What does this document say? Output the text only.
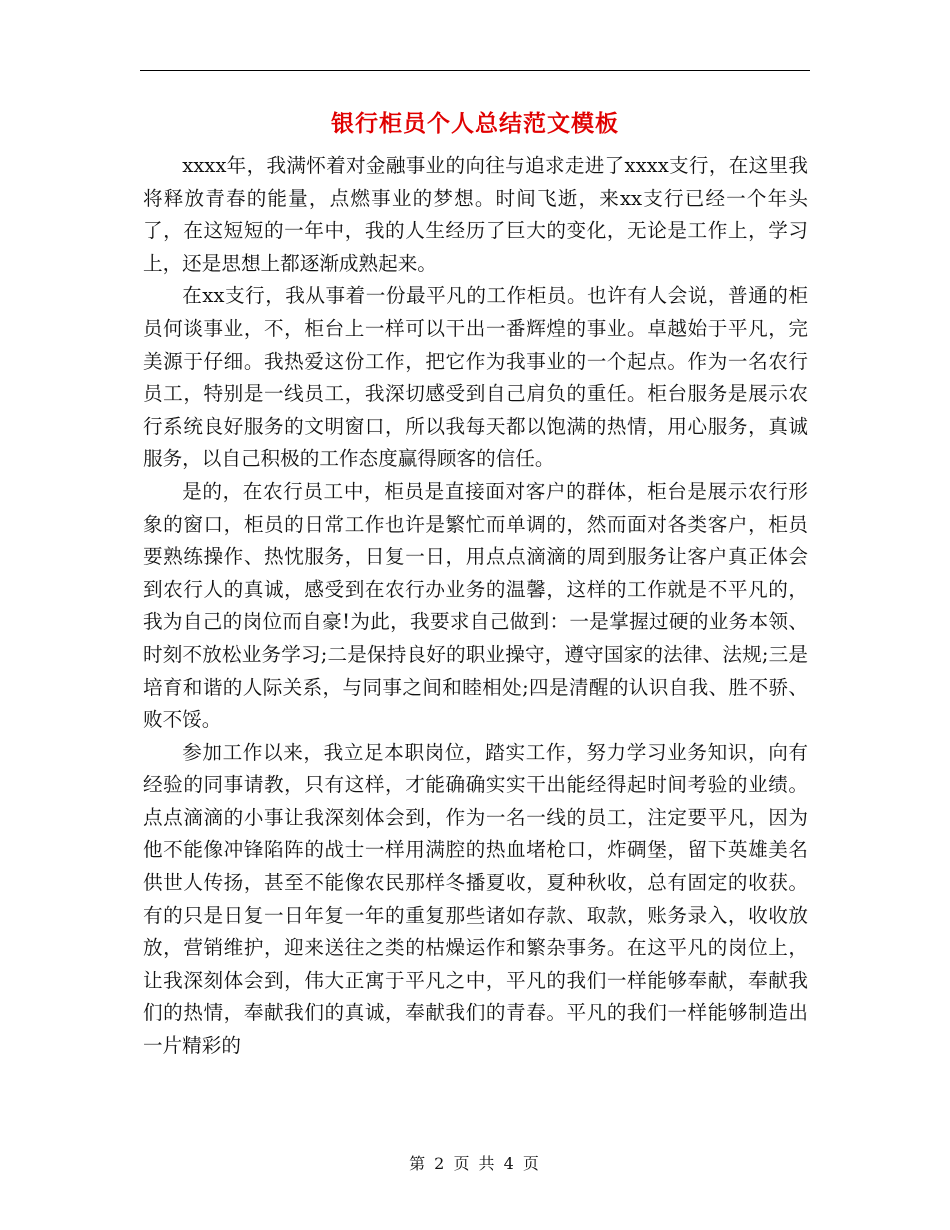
银行柜员个人总结范文模板

xxxx年，我满怀着对金融事业的向往与追求走进了xxxx支行，在这里我将释放青春的能量，点燃事业的梦想。时间飞逝，来xx支行已经一个年头了，在这短短的一年中，我的人生经历了巨大的变化，无论是工作上，学习上，还是思想上都逐渐成熟起来。

在xx支行，我从事着一份最平凡的工作柜员。也许有人会说，普通的柜员何谈事业，不，柜台上一样可以干出一番辉煌的事业。卓越始于平凡，完美源于仔细。我热爱这份工作，把它作为我事业的一个起点。作为一名农行员工，特别是一线员工，我深切感受到自己肩负的重任。柜台服务是展示农行系统良好服务的文明窗口，所以我每天都以饱满的热情，用心服务，真诚服务，以自己积极的工作态度赢得顾客的信任。

是的，在农行员工中，柜员是直接面对客户的群体，柜台是展示农行形象的窗口，柜员的日常工作也许是繁忙而单调的，然而面对各类客户，柜员要熟练操作、热忱服务，日复一日，用点点滴滴的周到服务让客户真正体会到农行人的真诚，感受到在农行办业务的温馨，这样的工作就是不平凡的，我为自己的岗位而自豪!为此，我要求自己做到：一是掌握过硬的业务本领、时刻不放松业务学习;二是保持良好的职业操守，遵守国家的法律、法规;三是培育和谐的人际关系，与同事之间和睦相处;四是清醒的认识自我、胜不骄、败不馁。

参加工作以来，我立足本职岗位，踏实工作，努力学习业务知识，向有经验的同事请教，只有这样，才能确确实实干出能经得起时间考验的业绩。点点滴滴的小事让我深刻体会到，作为一名一线的员工，注定要平凡，因为他不能像冲锋陷阵的战士一样用满腔的热血堵枪口，炸碉堡，留下英雄美名供世人传扬，甚至不能像农民那样冬播夏收，夏种秋收，总有固定的收获。有的只是日复一日年复一年的重复那些诸如存款、取款，账务录入，收收放放，营销维护，迎来送往之类的枯燥运作和繁杂事务。在这平凡的岗位上，让我深刻体会到，伟大正寓于平凡之中，平凡的我们一样能够奉献，奉献我们的热情，奉献我们的真诚，奉献我们的青春。平凡的我们一样能够制造出一片精彩的

第 2 页 共 4 页
